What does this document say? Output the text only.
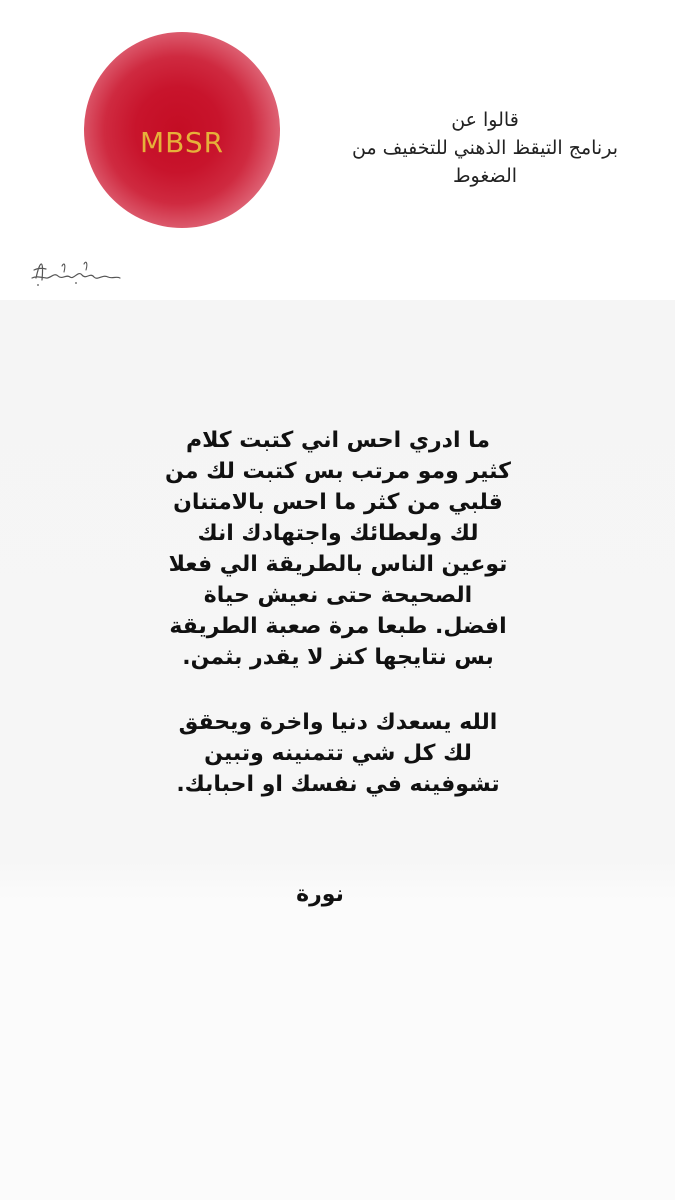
MBSR
قالوا عن
برنامج التيقظ الذهني للتخفيف من
الضغوط
ما ادري احس اني كتبت كلام
كثير ومو مرتب بس كتبت لك من
قلبي من كثر ما احس بالامتنان
لك ولعطائك واجتهادك انك
توعين الناس بالطريقة الي فعلا
الصحيحة حتى نعيش حياة
افضل. طبعا مرة صعبة الطريقة
بس نتايجها كنز لا يقدر بثمن.
الله يسعدك دنيا واخرة ويحقق
لك كل شي تتمنينه وتبين
تشوفينه في نفسك او احبابك.
نورة
